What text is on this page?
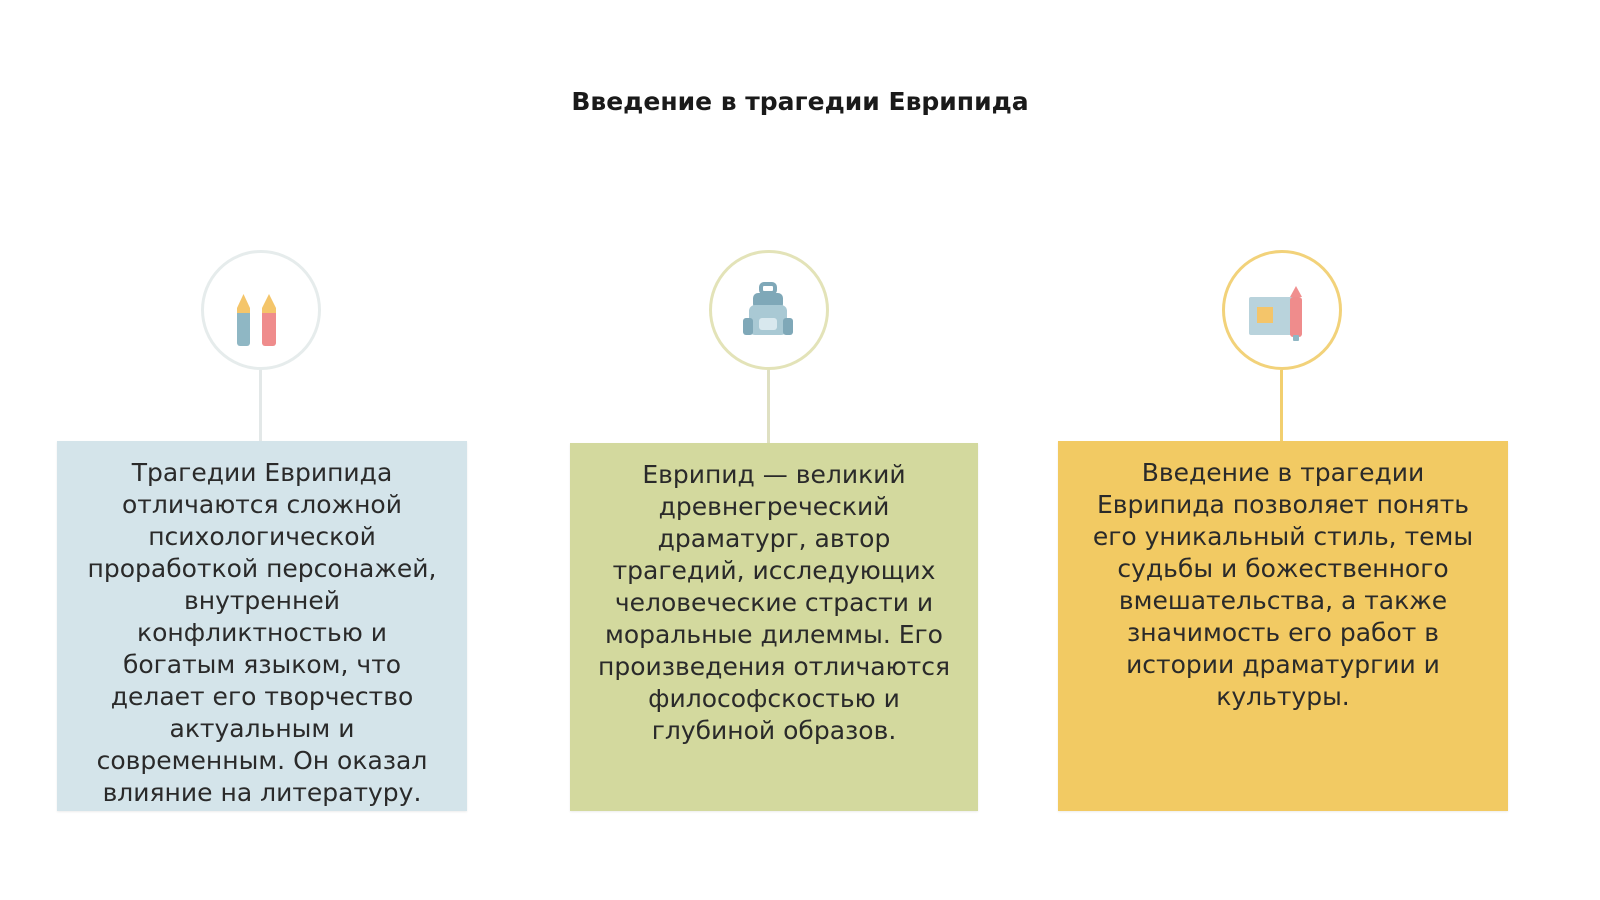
Введение в трагедии Еврипида
Трагедии Еврипида отличаются сложной психологической проработкой персонажей, внутренней конфликтностью и богатым языком, что делает его творчество актуальным и современным. Он оказал влияние на литературу.
Еврипид — великий древнегреческий драматург, автор трагедий, исследующих человеческие страсти и моральные дилеммы. Его произведения отличаются философскостью и глубиной образов.
Введение в трагедии Еврипида позволяет понять его уникальный стиль, темы судьбы и божественного вмешательства, а также значимость его работ в истории драматургии и культуры.
